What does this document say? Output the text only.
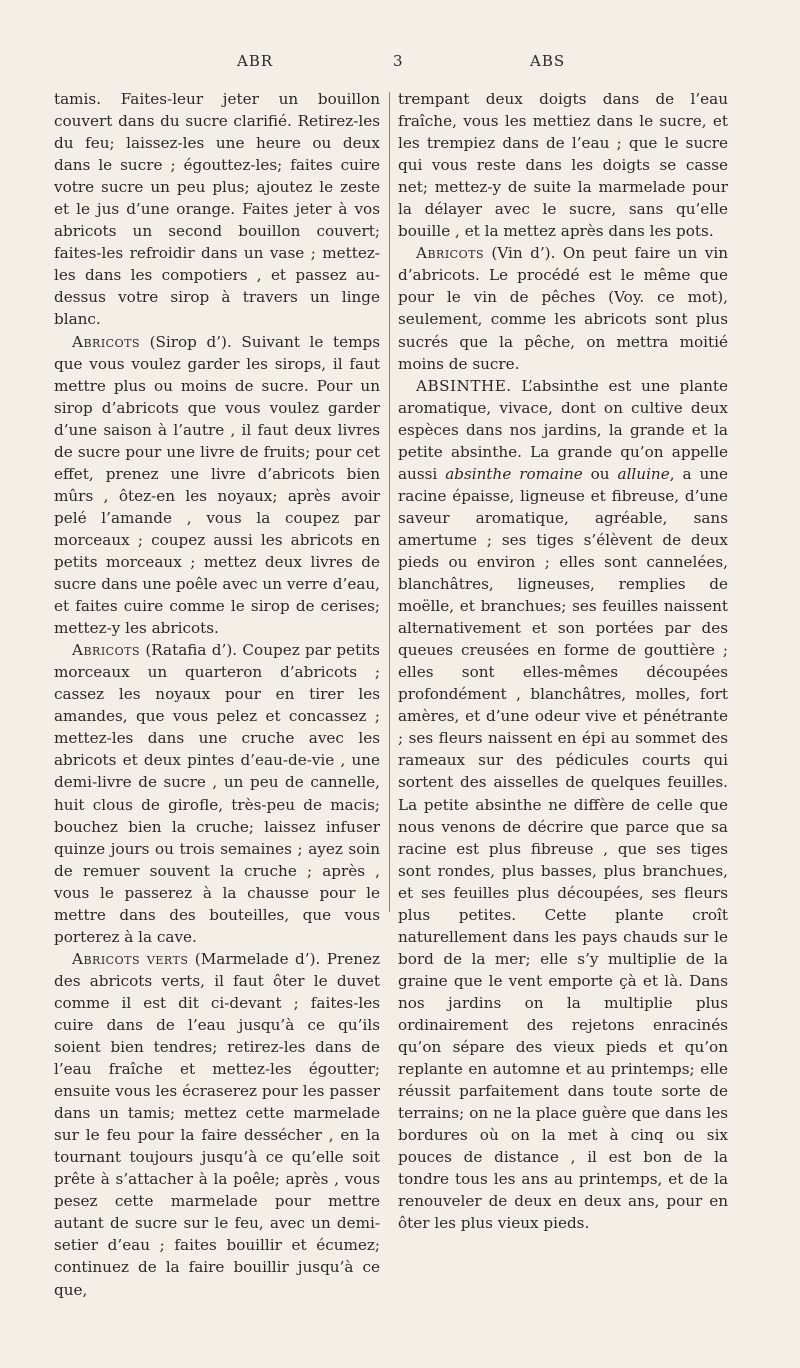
ABR	3	ABS

tamis. Faites-leur jeter un bouillon couvert dans du sucre clarifié. Retirez-les du feu; laissez-les une heure ou deux dans le sucre ; égouttez-les; faites cuire votre sucre un peu plus; ajoutez le zeste et le jus d’une orange. Faites jeter à vos abricots un second bouillon couvert; faites-les refroidir dans un vase ; mettez-les dans les compotiers , et passez au-dessus votre sirop à travers un linge blanc.

Abricots (Sirop d’). Suivant le temps que vous voulez garder les sirops, il faut mettre plus ou moins de sucre. Pour un sirop d’abricots que vous voulez garder d’une saison à l’autre , il faut deux livres de sucre pour une livre de fruits; pour cet effet, prenez une livre d’abricots bien mûrs , ôtez-en les noyaux; après avoir pelé l’amande , vous la coupez par morceaux ; coupez aussi les abricots en petits morceaux ; mettez deux livres de sucre dans une poêle avec un verre d’eau, et faites cuire comme le sirop de cerises; mettez-y les abricots.

Abricots (Ratafia d’). Coupez par petits morceaux un quarteron d’abricots ; cassez les noyaux pour en tirer les amandes, que vous pelez et concassez ; mettez-les dans une cruche avec les abricots et deux pintes d’eau-de-vie , une demi-livre de sucre , un peu de cannelle, huit clous de girofle, très-peu de macis; bouchez bien la cruche; laissez infuser quinze jours ou trois semaines ; ayez soin de remuer souvent la cruche ; après , vous le passerez à la chausse pour le mettre dans des bouteilles, que vous porterez à la cave.

Abricots verts (Marmelade d’). Prenez des abricots verts, il faut ôter le duvet comme il est dit ci-devant ; faites-les cuire dans de l’eau jusqu’à ce qu’ils soient bien tendres; retirez-les dans de l’eau fraîche et mettez-les égoutter; ensuite vous les écraserez pour les passer dans un tamis; mettez cette marmelade sur le feu pour la faire dessécher , en la tournant toujours jusqu’à ce qu’elle soit prête à s’attacher à la poêle; après , vous pesez cette marmelade pour mettre autant de sucre sur le feu, avec un demi-setier d’eau ; faites bouillir et écumez; continuez de la faire bouillir jusqu’à ce que,

trempant deux doigts dans de l’eau fraîche, vous les mettiez dans le sucre, et les trempiez dans de l’eau ; que le sucre qui vous reste dans les doigts se casse net; mettez-y de suite la marmelade pour la délayer avec le sucre, sans qu’elle bouille , et la mettez après dans les pots.

Abricots (Vin d’). On peut faire un vin d’abricots. Le procédé est le même que pour le vin de pêches (Voy. ce mot), seulement, comme les abricots sont plus sucrés que la pêche, on mettra moitié moins de sucre.

ABSINTHE. L’absinthe est une plante aromatique, vivace, dont on cultive deux espèces dans nos jardins, la grande et la petite absinthe. La grande qu’on appelle aussi absinthe romaine ou alluine, a une racine épaisse, ligneuse et fibreuse, d’une saveur aromatique, agréable, sans amertume ; ses tiges s’élèvent de deux pieds ou environ ; elles sont cannelées, blanchâtres, ligneuses, remplies de moëlle, et branchues; ses feuilles naissent alternativement et son portées par des queues creusées en forme de gouttière ; elles sont elles-mêmes découpées profondément , blanchâtres, molles, fort amères, et d’une odeur vive et pénétrante ; ses fleurs naissent en épi au sommet des rameaux sur des pédicules courts qui sortent des aisselles de quelques feuilles. La petite absinthe ne diffère de celle que nous venons de décrire que parce que sa racine est plus fibreuse , que ses tiges sont rondes, plus basses, plus branchues, et ses feuilles plus découpées, ses fleurs plus petites. Cette plante croît naturellement dans les pays chauds sur le bord de la mer; elle s’y multiplie de la graine que le vent emporte çà et là. Dans nos jardins on la multiplie plus ordinairement des rejetons enracinés qu’on sépare des vieux pieds et qu’on replante en automne et au printemps; elle réussit parfaitement dans toute sorte de terrains; on ne la place guère que dans les bordures où on la met à cinq ou six pouces de distance , il est bon de la tondre tous les ans au printemps, et de la renouveler de deux en deux ans, pour en ôter les plus vieux pieds.
